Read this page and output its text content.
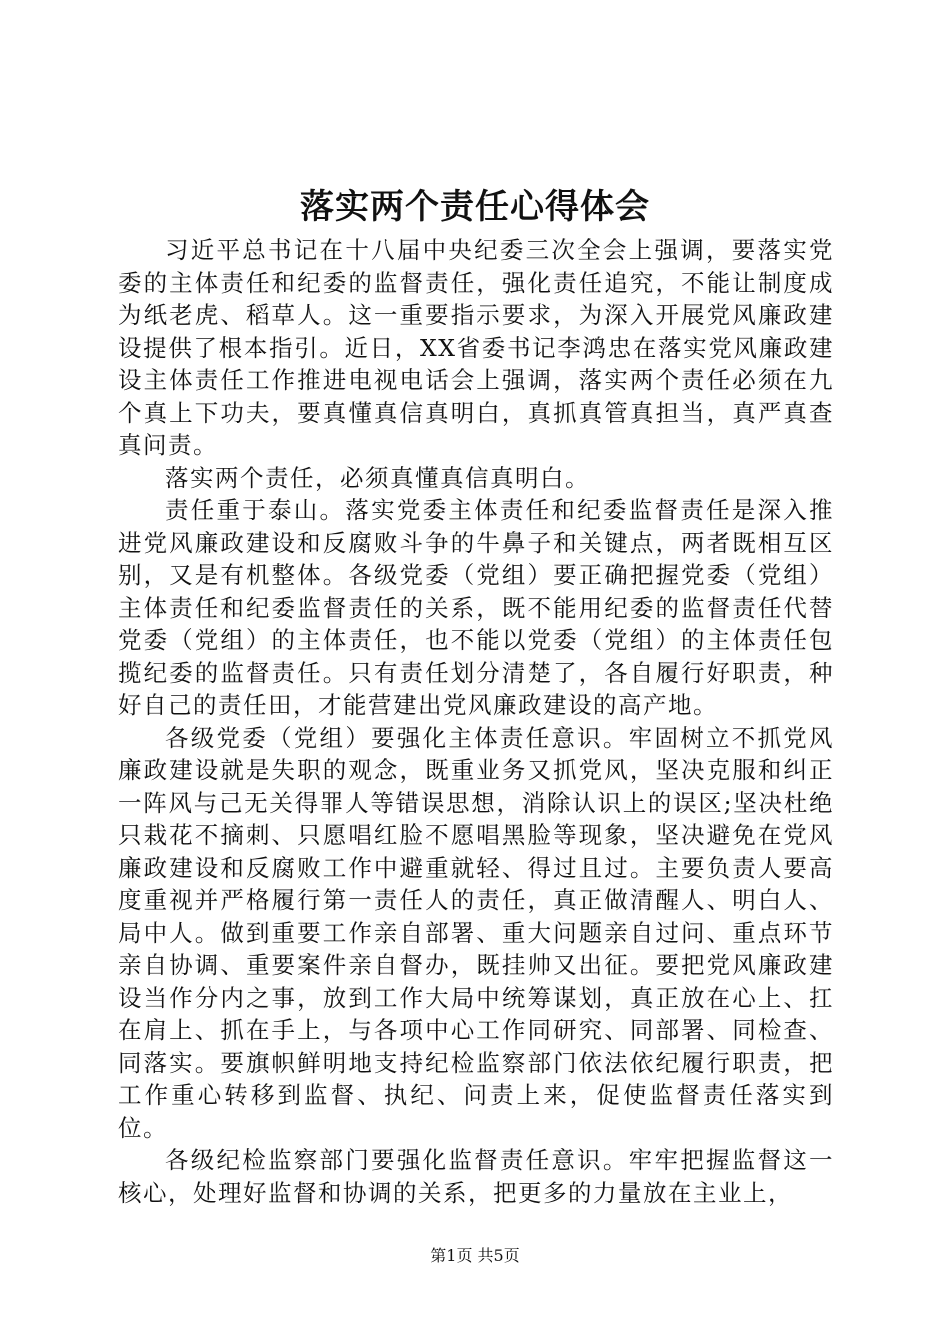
落实两个责任心得体会

习近平总书记在十八届中央纪委三次全会上强调，要落实党委的主体责任和纪委的监督责任，强化责任追究，不能让制度成为纸老虎、稻草人。这一重要指示要求，为深入开展党风廉政建设提供了根本指引。近日，XX省委书记李鸿忠在落实党风廉政建设主体责任工作推进电视电话会上强调，落实两个责任必须在九个真上下功夫，要真懂真信真明白，真抓真管真担当，真严真查真问责。

落实两个责任，必须真懂真信真明白。

责任重于泰山。落实党委主体责任和纪委监督责任是深入推进党风廉政建设和反腐败斗争的牛鼻子和关键点，两者既相互区别，又是有机整体。各级党委（党组）要正确把握党委（党组）主体责任和纪委监督责任的关系，既不能用纪委的监督责任代替党委（党组）的主体责任，也不能以党委（党组）的主体责任包揽纪委的监督责任。只有责任划分清楚了，各自履行好职责，种好自己的责任田，才能营建出党风廉政建设的高产地。

各级党委（党组）要强化主体责任意识。牢固树立不抓党风廉政建设就是失职的观念，既重业务又抓党风，坚决克服和纠正一阵风与己无关得罪人等错误思想，消除认识上的误区;坚决杜绝只栽花不摘刺、只愿唱红脸不愿唱黑脸等现象，坚决避免在党风廉政建设和反腐败工作中避重就轻、得过且过。主要负责人要高度重视并严格履行第一责任人的责任，真正做清醒人、明白人、局中人。做到重要工作亲自部署、重大问题亲自过问、重点环节亲自协调、重要案件亲自督办，既挂帅又出征。要把党风廉政建设当作分内之事，放到工作大局中统筹谋划，真正放在心上、扛在肩上、抓在手上，与各项中心工作同研究、同部署、同检查、同落实。要旗帜鲜明地支持纪检监察部门依法依纪履行职责，把工作重心转移到监督、执纪、问责上来，促使监督责任落实到位。

各级纪检监察部门要强化监督责任意识。牢牢把握监督这一核心，处理好监督和协调的关系，把更多的力量放在主业上，

第1页 共5页
